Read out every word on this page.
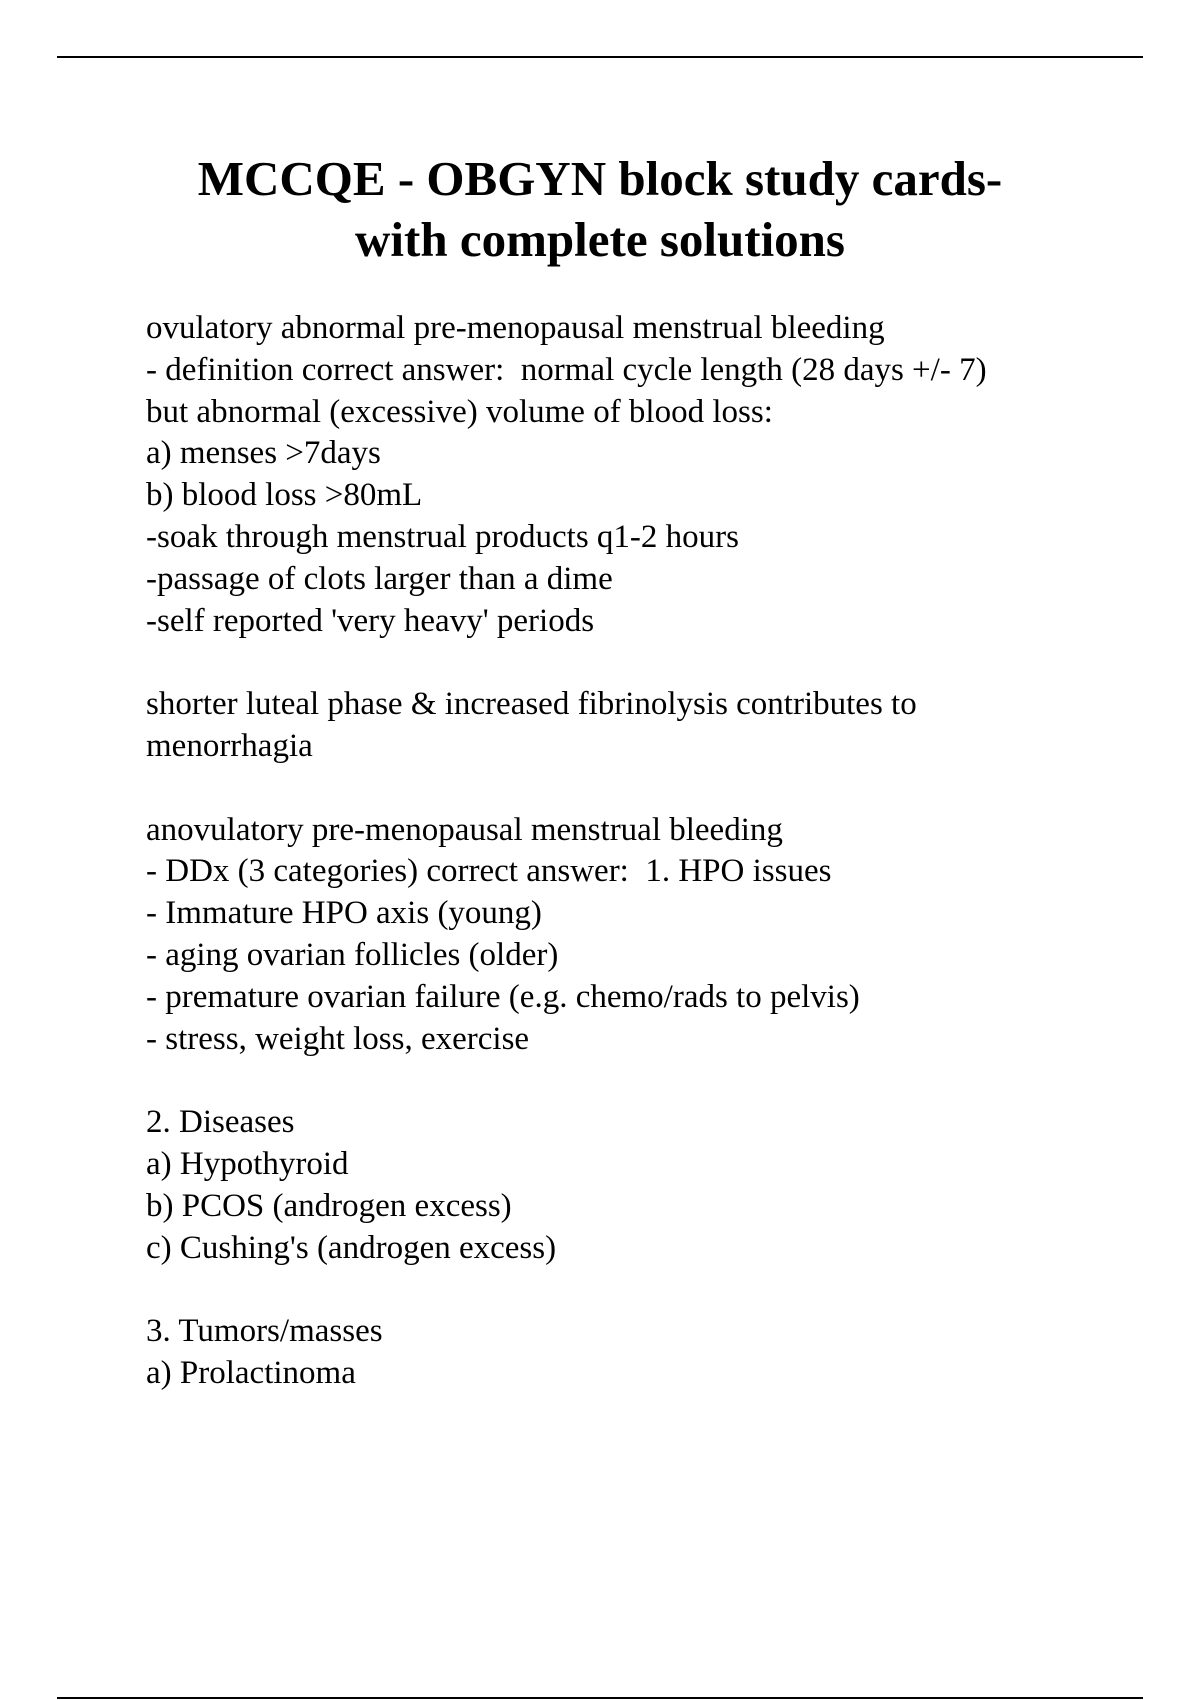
MCCQE - OBGYN block study cards-
with complete solutions
ovulatory abnormal pre-menopausal menstrual bleeding
- definition correct answer:  normal cycle length (28 days +/- 7)
but abnormal (excessive) volume of blood loss:
a) menses >7days
b) blood loss >80mL
-soak through menstrual products q1-2 hours
-passage of clots larger than a dime
-self reported 'very heavy' periods
shorter luteal phase & increased fibrinolysis contributes to
menorrhagia
anovulatory pre-menopausal menstrual bleeding
- DDx (3 categories) correct answer:  1. HPO issues
- Immature HPO axis (young)
- aging ovarian follicles (older)
- premature ovarian failure (e.g. chemo/rads to pelvis)
- stress, weight loss, exercise
2. Diseases
a) Hypothyroid
b) PCOS (androgen excess)
c) Cushing's (androgen excess)
3. Tumors/masses
a) Prolactinoma
